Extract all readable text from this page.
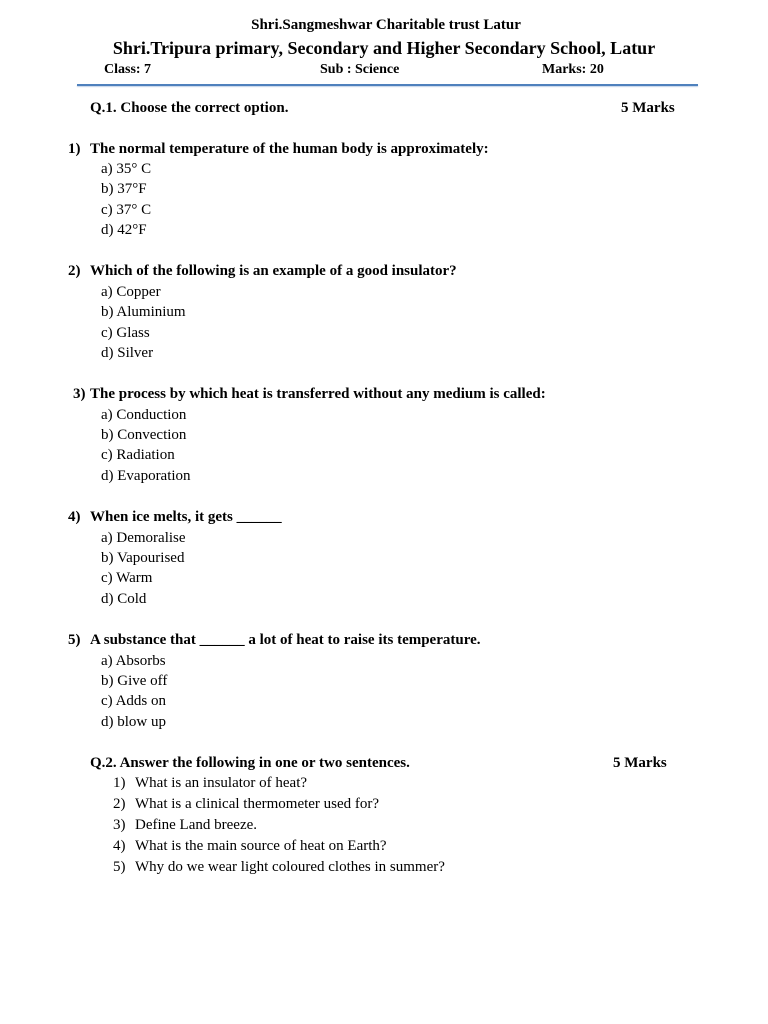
Shri.Sangmeshwar Charitable trust Latur
Shri.Tripura primary, Secondary and Higher Secondary School, Latur
Class: 7	Sub : Science	Marks: 20
Q.1. Choose the correct option.	5 Marks
1) The normal temperature of the human body is approximately:
a) 35° C
b) 37°F
c) 37° C
d) 42°F
2) Which of the following is an example of a good insulator?
a) Copper
b) Aluminium
c) Glass
d) Silver
3) The process by which heat is transferred without any medium is called:
a) Conduction
b) Convection
c) Radiation
d) Evaporation
4) When ice melts, it gets ______
a) Demoralise
b) Vapourised
c) Warm
d) Cold
5) A substance that ______ a lot of heat to raise its temperature.
a) Absorbs
b) Give off
c) Adds on
d) blow up
Q.2. Answer the following in one or two sentences.	5 Marks
1) What is an insulator of heat?
2) What is a clinical thermometer used for?
3) Define Land breeze.
4) What is the main source of heat on Earth?
5) Why do we wear light coloured clothes in summer?
